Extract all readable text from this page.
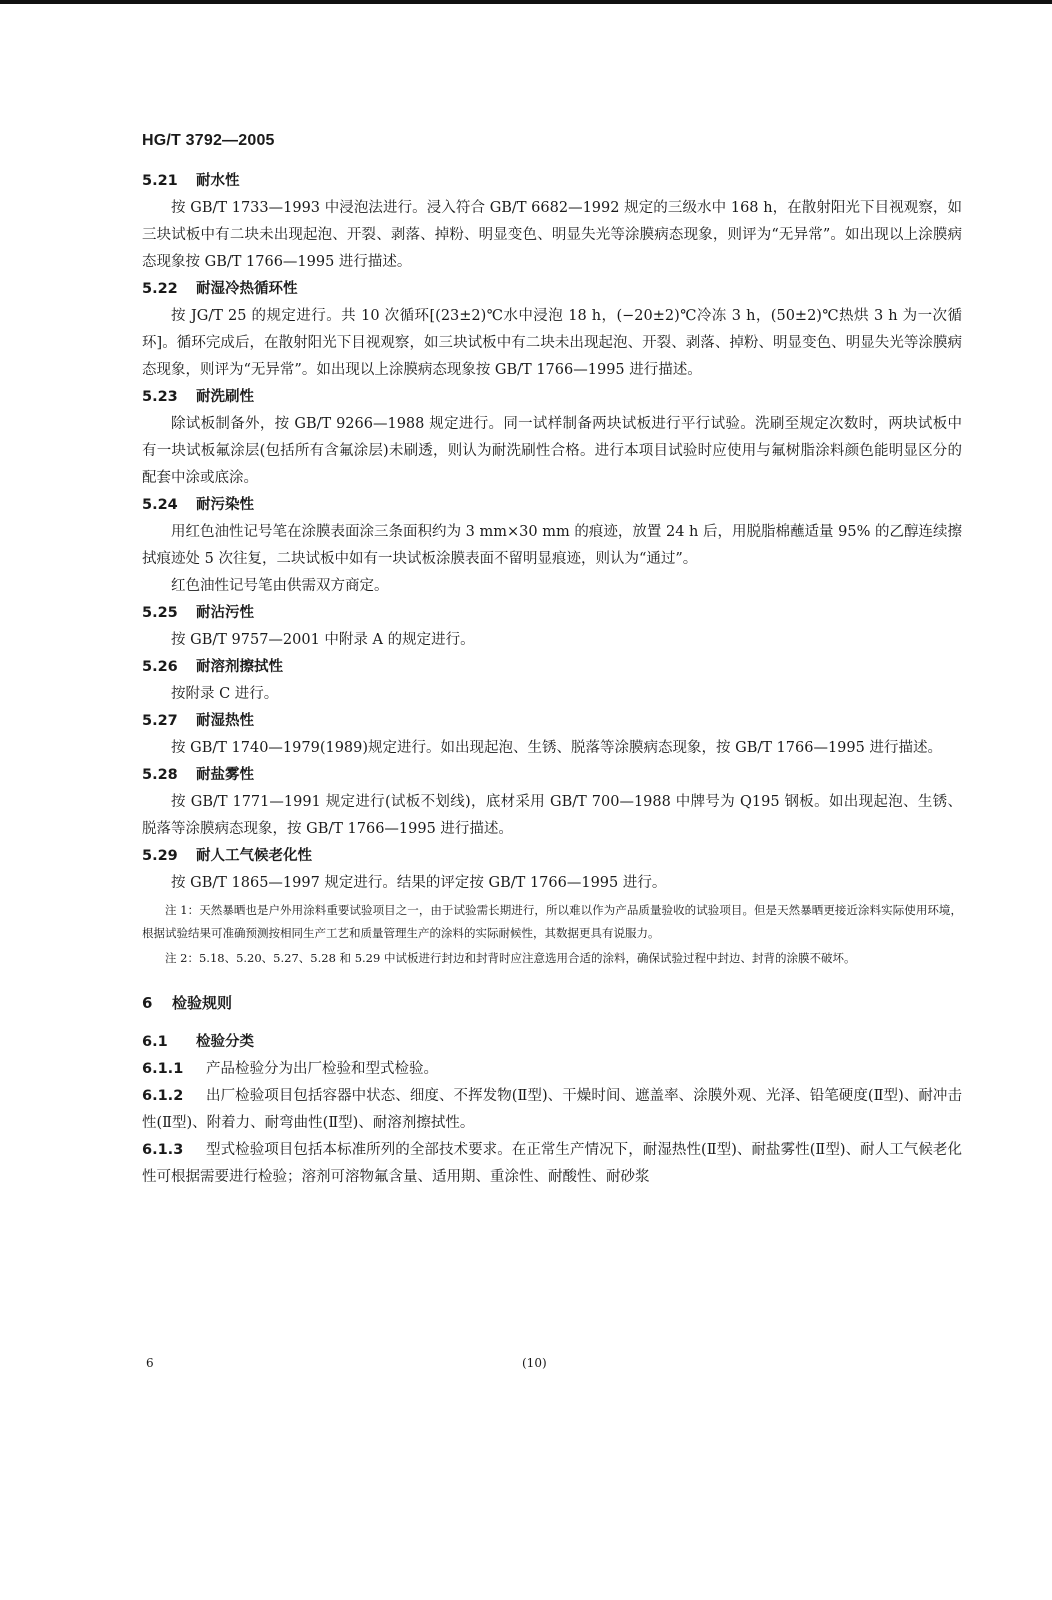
HG/T 3792—2005
5.21 耐水性

按 GB/T 1733—1993 中浸泡法进行。浸入符合 GB/T 6682—1992 规定的三级水中 168 h，在散射阳光下目视观察，如三块试板中有二块未出现起泡、开裂、剥落、掉粉、明显变色、明显失光等涂膜病态现象，则评为“无异常”。如出现以上涂膜病态现象按 GB/T 1766—1995 进行描述。

5.22 耐湿冷热循环性

按 JG/T 25 的规定进行。共 10 次循环[(23±2)℃水中浸泡 18 h，(−20±2)℃冷冻 3 h，(50±2)℃热烘 3 h 为一次循环]。循环完成后，在散射阳光下目视观察，如三块试板中有二块未出现起泡、开裂、剥落、掉粉、明显变色、明显失光等涂膜病态现象，则评为“无异常”。如出现以上涂膜病态现象按 GB/T 1766—1995 进行描述。

5.23 耐洗刷性

除试板制备外，按 GB/T 9266—1988 规定进行。同一试样制备两块试板进行平行试验。洗刷至规定次数时，两块试板中有一块试板氟涂层(包括所有含氟涂层)未刷透，则认为耐洗刷性合格。进行本项目试验时应使用与氟树脂涂料颜色能明显区分的配套中涂或底涂。

5.24 耐污染性

用红色油性记号笔在涂膜表面涂三条面积约为 3 mm×30 mm 的痕迹，放置 24 h 后，用脱脂棉蘸适量 95% 的乙醇连续擦拭痕迹处 5 次往复，二块试板中如有一块试板涂膜表面不留明显痕迹，则认为“通过”。

红色油性记号笔由供需双方商定。

5.25 耐沾污性

按 GB/T 9757—2001 中附录 A 的规定进行。

5.26 耐溶剂擦拭性

按附录 C 进行。

5.27 耐湿热性

按 GB/T 1740—1979(1989)规定进行。如出现起泡、生锈、脱落等涂膜病态现象，按 GB/T 1766—1995 进行描述。

5.28 耐盐雾性

按 GB/T 1771—1991 规定进行(试板不划线)，底材采用 GB/T 700—1988 中牌号为 Q195 钢板。如出现起泡、生锈、脱落等涂膜病态现象，按 GB/T 1766—1995 进行描述。

5.29 耐人工气候老化性

按 GB/T 1865—1997 规定进行。结果的评定按 GB/T 1766—1995 进行。

注 1：天然暴晒也是户外用涂料重要试验项目之一，由于试验需长期进行，所以难以作为产品质量验收的试验项目。但是天然暴晒更接近涂料实际使用环境，根据试验结果可准确预测按相同生产工艺和质量管理生产的涂料的实际耐候性，其数据更具有说服力。

注 2：5.18、5.20、5.27、5.28 和 5.29 中试板进行封边和封背时应注意选用合适的涂料，确保试验过程中封边、封背的涂膜不破坏。

6 检验规则
6.1 检验分类

6.1.1 产品检验分为出厂检验和型式检验。

6.1.2 出厂检验项目包括容器中状态、细度、不挥发物(Ⅱ型)、干燥时间、遮盖率、涂膜外观、光泽、铅笔硬度(Ⅱ型)、耐冲击性(Ⅱ型)、附着力、耐弯曲性(Ⅱ型)、耐溶剂擦拭性。

6.1.3 型式检验项目包括本标准所列的全部技术要求。在正常生产情况下，耐湿热性(Ⅱ型)、耐盐雾性(Ⅱ型)、耐人工气候老化性可根据需要进行检验；溶剂可溶物氟含量、适用期、重涂性、耐酸性、耐砂浆

6	(10)
